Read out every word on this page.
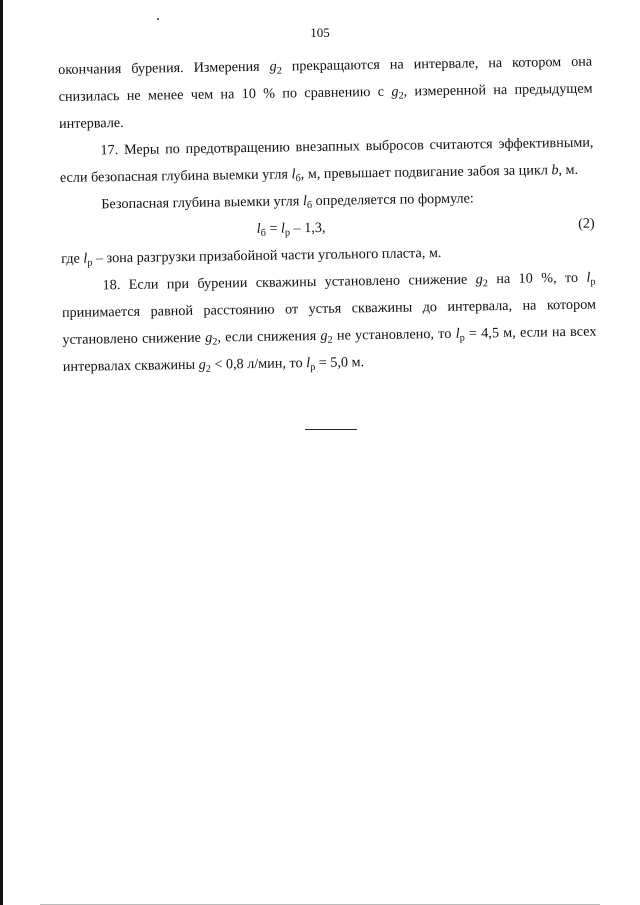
105

окончания бурения. Измерения $g_2$ прекращаются на интервале, на котором она снизилась не менее чем на 10 % по сравнению с $g_2$, измеренной на предыдущем интервале.

17. Меры по предотвращению внезапных выбросов считаются эффективными, если безопасная глубина выемки угля $l_б$, м, превышает подвигание забоя за цикл b, м.

Безопасная глубина выемки угля $l_б$ определяется по формуле:

$l_б = l_р - 1,3$,	(2)

где $l_р$ – зона разгрузки призабойной части угольного пласта, м.

18. Если при бурении скважины установлено снижение $g_2$ на 10 %, то $l_р$ принимается равной расстоянию от устья скважины до интервала, на котором установлено снижение $g_2$, если снижения $g_2$ не установлено, то $l_р = 4,5$ м, если на всех интервалах скважины $g_2 < 0,8$ л/мин, то $l_р = 5,0$ м.
